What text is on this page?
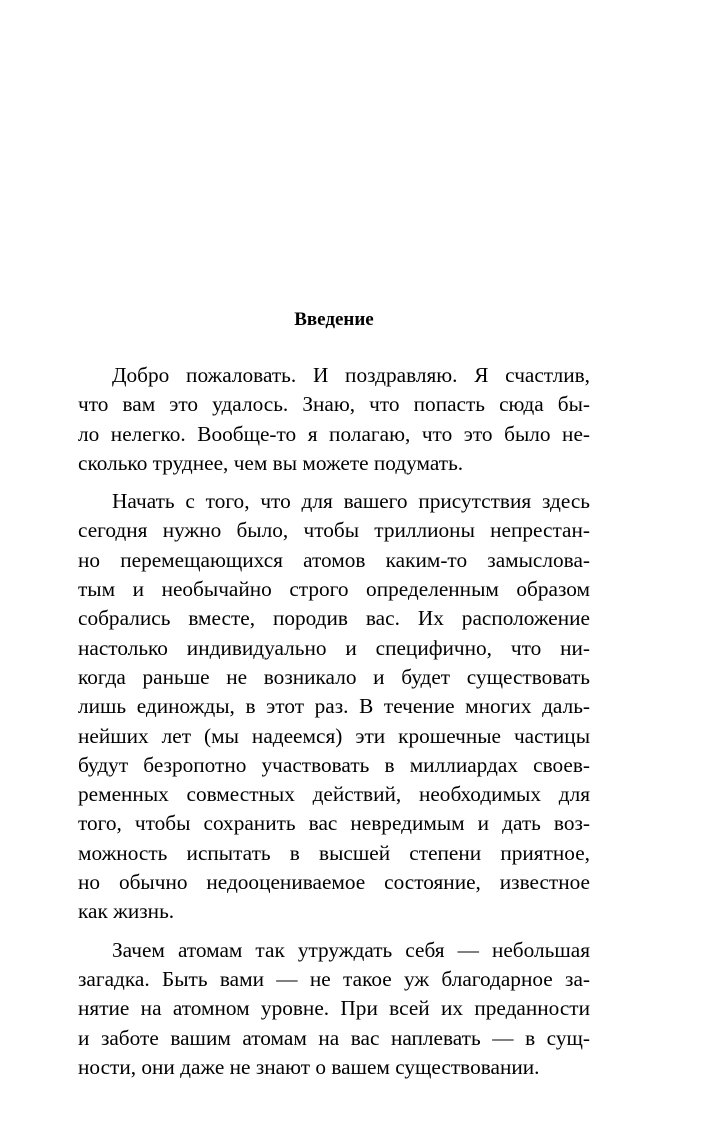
Введение
Добро пожаловать. И поздравляю. Я счастлив,
что вам это удалось. Знаю, что попасть сюда бы-
ло нелегко. Вообще-то я полагаю, что это было не-
сколько труднее, чем вы можете подумать.
Начать с того, что для вашего присутствия здесь
сегодня нужно было, чтобы триллионы непрестан-
но перемещающихся атомов каким-то замыслова-
тым и необычайно строго определенным образом
собрались вместе, породив вас. Их расположение
настолько индивидуально и специфично, что ни-
когда раньше не возникало и будет существовать
лишь единожды, в этот раз. В течение многих даль-
нейших лет (мы надеемся) эти крошечные частицы
будут безропотно участвовать в миллиардах своев-
ременных совместных действий, необходимых для
того, чтобы сохранить вас невредимым и дать воз-
можность испытать в высшей степени приятное,
но обычно недооцениваемое состояние, известное
как жизнь.
Зачем атомам так утруждать себя — небольшая
загадка. Быть вами — не такое уж благодарное за-
нятие на атомном уровне. При всей их преданности
и заботе вашим атомам на вас наплевать — в сущ-
ности, они даже не знают о вашем существовании.
